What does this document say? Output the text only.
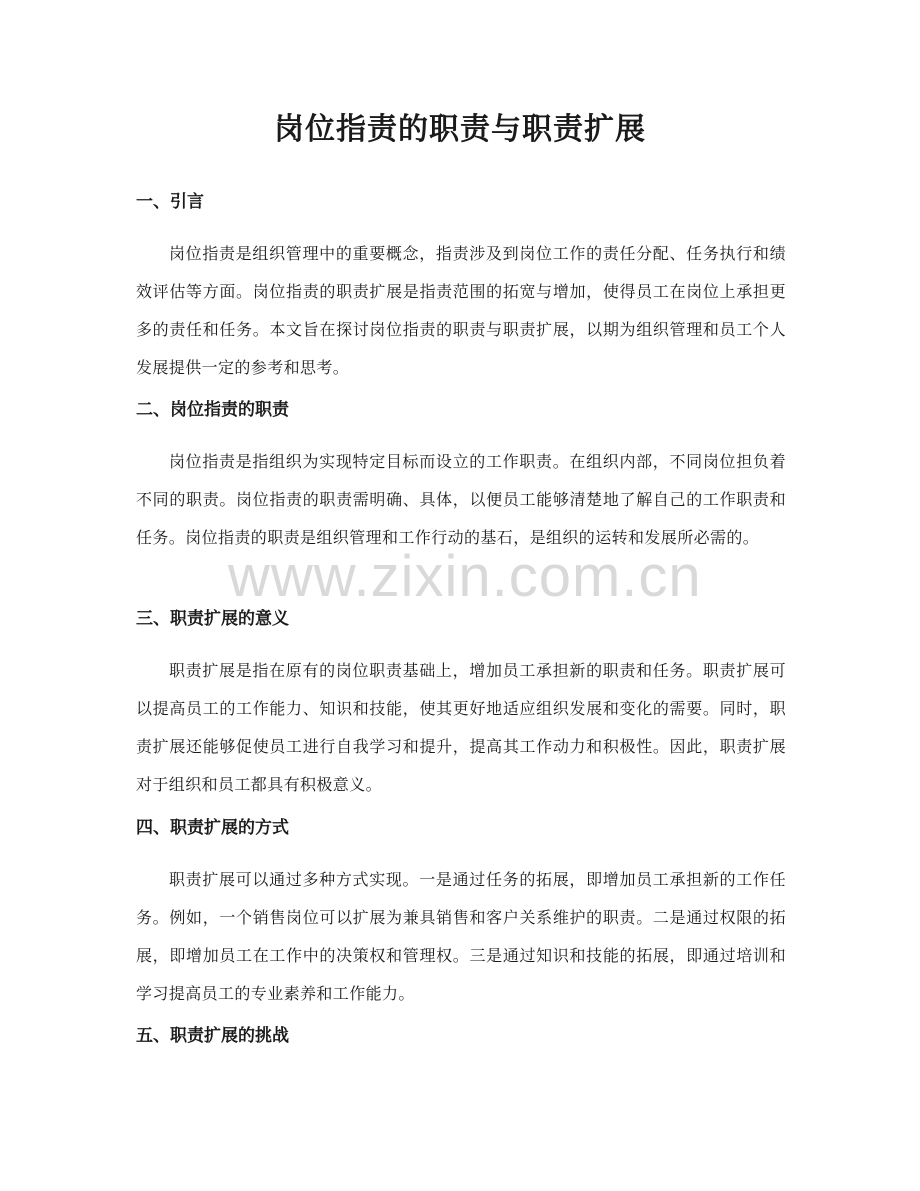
岗位指责的职责与职责扩展
一、引言

岗位指责是组织管理中的重要概念，指责涉及到岗位工作的责任分配、任务执行和绩效评估等方面。岗位指责的职责扩展是指责范围的拓宽与增加，使得员工在岗位上承担更多的责任和任务。本文旨在探讨岗位指责的职责与职责扩展，以期为组织管理和员工个人发展提供一定的参考和思考。

二、岗位指责的职责

岗位指责是指组织为实现特定目标而设立的工作职责。在组织内部，不同岗位担负着不同的职责。岗位指责的职责需明确、具体，以便员工能够清楚地了解自己的工作职责和任务。岗位指责的职责是组织管理和工作行动的基石，是组织的运转和发展所必需的。

三、职责扩展的意义

职责扩展是指在原有的岗位职责基础上，增加员工承担新的职责和任务。职责扩展可以提高员工的工作能力、知识和技能，使其更好地适应组织发展和变化的需要。同时，职责扩展还能够促使员工进行自我学习和提升，提高其工作动力和积极性。因此，职责扩展对于组织和员工都具有积极意义。

四、职责扩展的方式

职责扩展可以通过多种方式实现。一是通过任务的拓展，即增加员工承担新的工作任务。例如，一个销售岗位可以扩展为兼具销售和客户关系维护的职责。二是通过权限的拓展，即增加员工在工作中的决策权和管理权。三是通过知识和技能的拓展，即通过培训和学习提高员工的专业素养和工作能力。

五、职责扩展的挑战
www.zixin.com.cn
